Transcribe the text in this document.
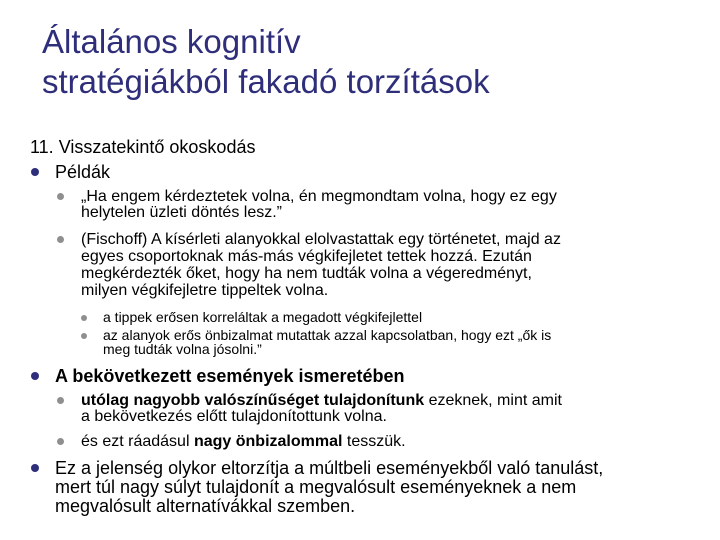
Általános kognitív
stratégiákból fakadó torzítások
11. Visszatekintő okoskodás
Példák
„Ha engem kérdeztetek volna, én megmondtam volna, hogy ez egy
helytelen üzleti döntés lesz.”
(Fischoff) A kísérleti alanyokkal elolvastattak egy történetet, majd az
egyes csoportoknak más-más végkifejletet tettek hozzá. Ezután
megkérdezték őket, hogy ha nem tudták volna a végeredményt,
milyen végkifejletre tippeltek volna.
a tippek erősen korreláltak a megadott végkifejlettel
az alanyok erős önbizalmat mutattak azzal kapcsolatban, hogy ezt „ők is
meg tudták volna jósolni.”
A bekövetkezett események ismeretében
utólag nagyobb valószínűséget tulajdonítunk ezeknek, mint amit
a bekövetkezés előtt tulajdonítottunk volna.
és ezt ráadásul nagy önbizalommal tesszük.
Ez a jelenség olykor eltorzítja a múltbeli eseményekből való tanulást,
mert túl nagy súlyt tulajdonít a megvalósult eseményeknek a nem
megvalósult alternatívákkal szemben.
